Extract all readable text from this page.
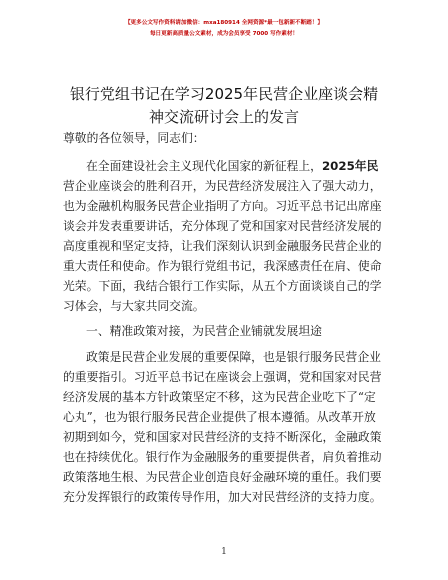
【更多公文写作资料请加微信：mxa180914 全网资源*最一包新新不断踏！】
每日更新高质量公文素材，成为会员享受 7000 写作素材！
银行党组书记在学习2025年民营企业座谈会精
神交流研讨会上的发言
尊敬的各位领导，同志们：
在全面建设社会主义现代化国家的新征程上，2025年民
营企业座谈会的胜利召开，为民营经济发展注入了强大动力，
也为金融机构服务民营企业指明了方向。习近平总书记出席座
谈会并发表重要讲话，充分体现了党和国家对民营经济发展的
高度重视和坚定支持，让我们深刻认识到金融服务民营企业的
重大责任和使命。作为银行党组书记，我深感责任在肩、使命
光荣。下面，我结合银行工作实际，从五个方面谈谈自己的学
习体会，与大家共同交流。
一、精准政策对接，为民营企业铺就发展坦途
政策是民营企业发展的重要保障，也是银行服务民营企业
的重要指引。习近平总书记在座谈会上强调，党和国家对民营
经济发展的基本方针政策坚定不移，这为民营企业吃下了“定
心丸”，也为银行服务民营企业提供了根本遵循。从改革开放
初期到如今，党和国家对民营经济的支持不断深化，金融政策
也在持续优化。银行作为金融服务的重要提供者，肩负着推动
政策落地生根、为民营企业创造良好金融环境的重任。我们要
充分发挥银行的政策传导作用，加大对民营经济的支持力度。
1
